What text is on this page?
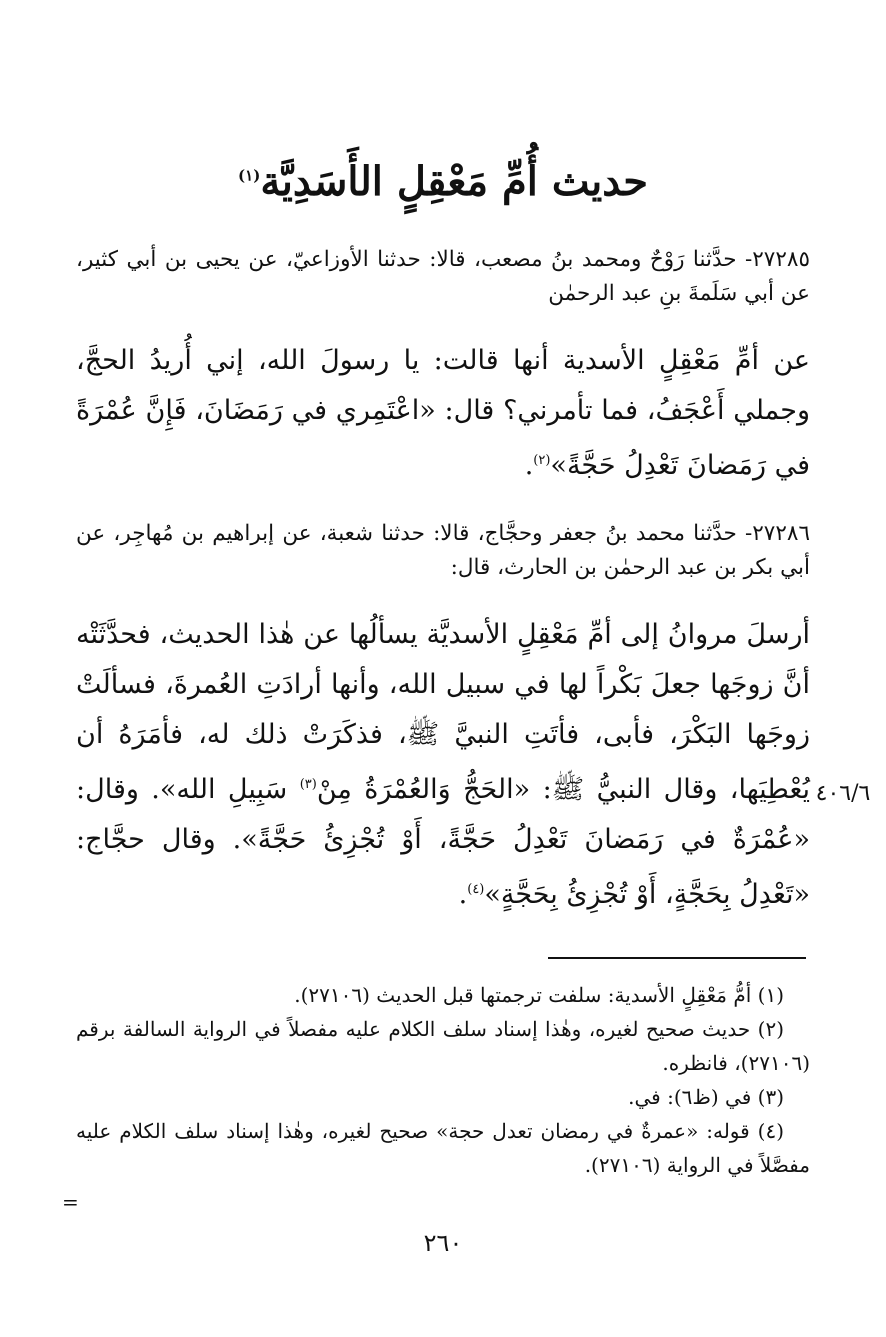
حديث أُمِّ مَعْقِلٍ الأَسَدِيَّة$^{(١)}$
٢٧٢٨٥- حدَّثنا رَوْحٌ ومحمد بنُ مصعب، قالا: حدثنا الأوزاعيّ، عن يحيى بن أبي كثير، عن أبي سَلَمةَ بنِ عبد الرحمٰن
عن أمِّ مَعْقِلٍ الأسدية أنها قالت: يا رسولَ الله، إني أُريدُ الحجَّ، وجملي أَعْجَفُ، فما تأمرني؟ قال: «اعْتَمِري في رَمَضَانَ، فَإِنَّ عُمْرَةً في رَمَضانَ تَعْدِلُ حَجَّةً»$^{(٢)}$.
٢٧٢٨٦- حدَّثنا محمد بنُ جعفر وحجَّاج، قالا: حدثنا شعبة، عن إبراهيم بن مُهاجِر، عن أبي بكر بن عبد الرحمٰن بن الحارث، قال:
أرسلَ مروانُ إلى أمِّ مَعْقِلٍ الأسديَّة يسألُها عن هٰذا الحديث، فحدَّثَتْه أنَّ زوجَها جعلَ بَكْراً لها في سبيل الله، وأنها أرادَتِ العُمرةَ، فسألَتْ زوجَها البَكْرَ، فأبى، فأتَتِ النبيَّ ﷺ، فذكَرَتْ ذلك له، فأمَرَهُ أن يُعْطِيَها، وقال النبيُّ ﷺ: «الحَجُّ وَالعُمْرَةُ مِنْ$^{(٣)}$ سَبِيلِ الله». وقال: «عُمْرَةٌ في رَمَضانَ تَعْدِلُ حَجَّةً، أَوْ تُجْزِئُ حَجَّةً». وقال حجَّاج: «تَعْدِلُ بِحَجَّةٍ، أَوْ تُجْزِئُ بِحَجَّةٍ»$^{(٤)}$.
٤٠٦/٦

(١) أمُّ مَعْقِلٍ الأسدية: سلفت ترجمتها قبل الحديث (٢٧١٠٦).

(٢) حديث صحيح لغيره، وهٰذا إسناد سلف الكلام عليه مفصلاً في الرواية السالفة برقم (٢٧١٠٦)، فانظره.

(٣) في (ظ٦): في.

(٤) قوله: «عمرةٌ في رمضان تعدل حجة» صحيح لغيره، وهٰذا إسناد سلف الكلام عليه مفصَّلاً في الرواية (٢٧١٠٦).

=
٢٦٠
